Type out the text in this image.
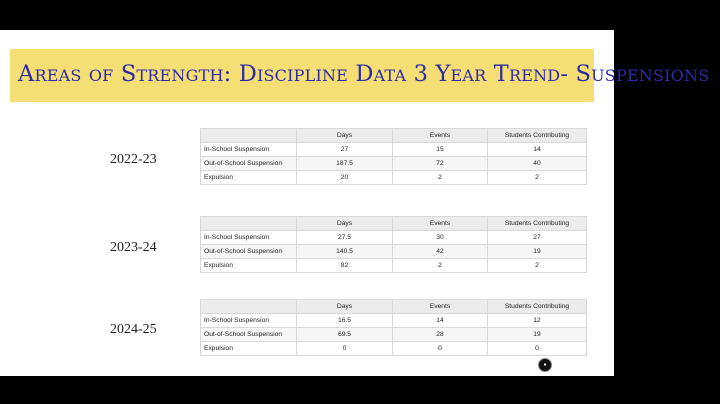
Areas of Strength: Discipline Data 3 Year Trend- Suspensions
2022-23
	Days	Events	Students Contributing
In-School Suspension	27	15	14
Out-of-School Suspension	187.5	72	40
Expulsion	20	2	2
2023-24
	Days	Events	Students Contributing
In-School Suspension	27.5	30	27
Out-of-School Suspension	140.5	42	19
Expulsion	82	2	2
2024-25
	Days	Events	Students Contributing
In-School Suspension	16.5	14	12
Out-of-School Suspension	69.5	28	19
Expulsion	0	0	0
▪
